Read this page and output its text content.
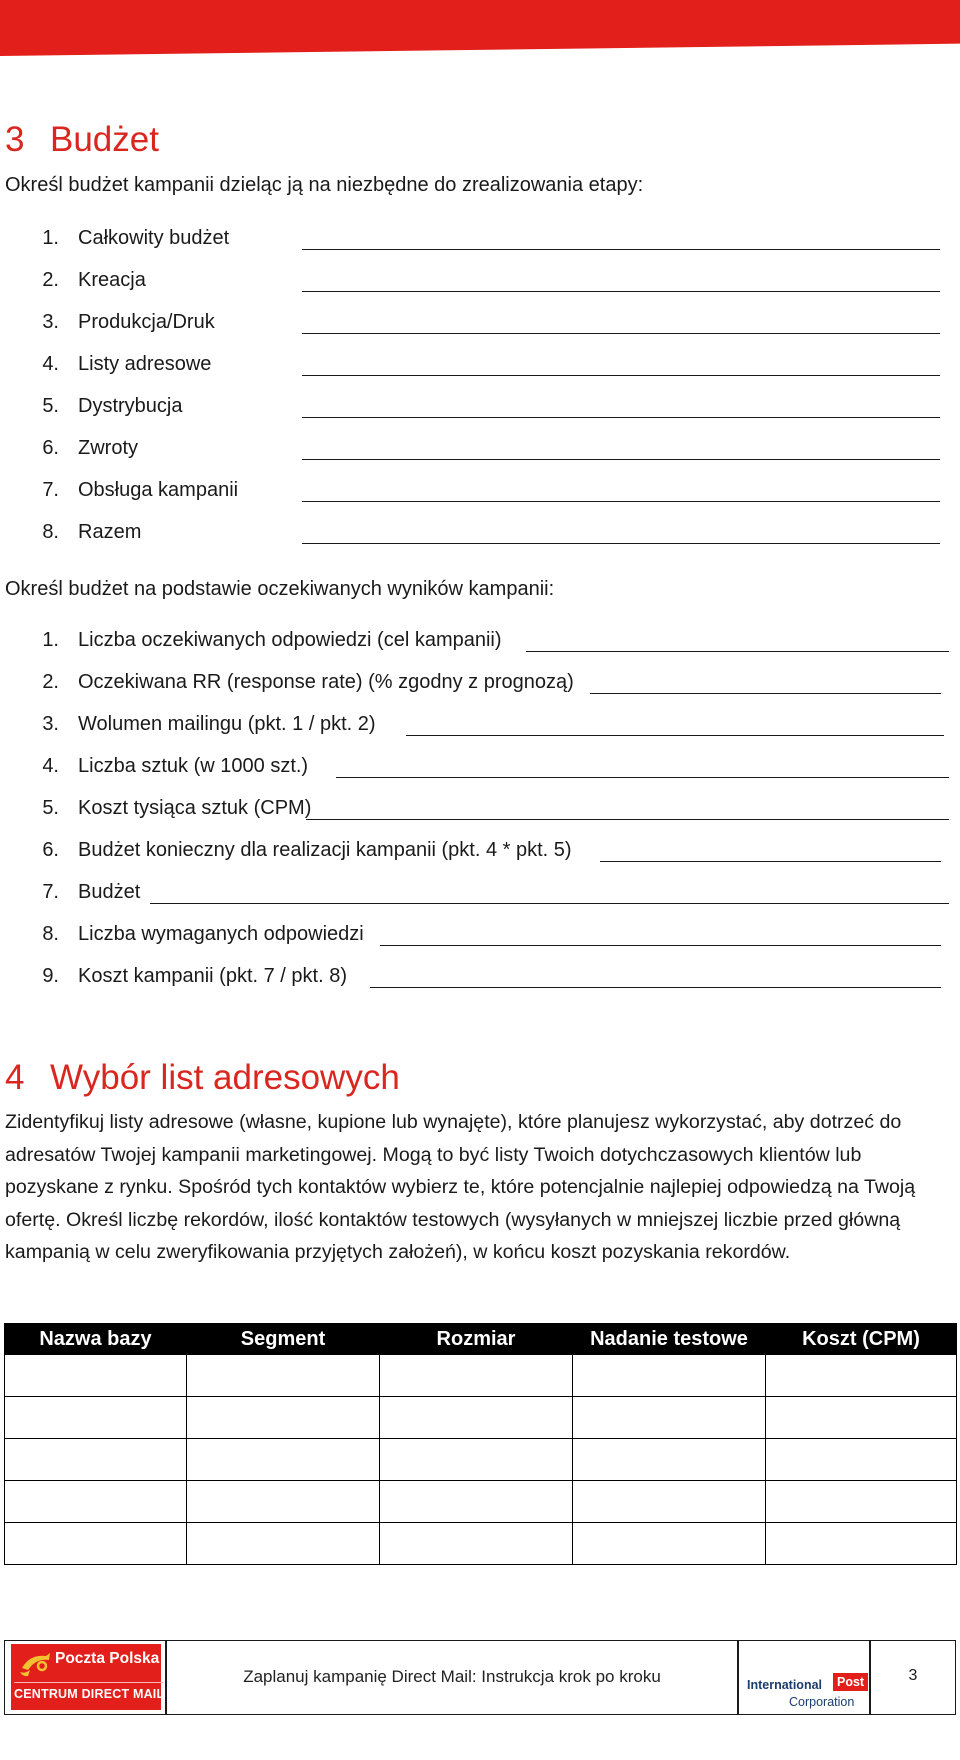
3 Budżet

Określ budżet kampanii dzieląc ją na niezbędne do zrealizowania etapy:

1. Całkowity budżet
2. Kreacja
3. Produkcja/Druk
4. Listy adresowe
5. Dystrybucja
6. Zwroty
7. Obsługa kampanii
8. Razem

Określ budżet na podstawie oczekiwanych wyników kampanii:

1. Liczba oczekiwanych odpowiedzi (cel kampanii)
2. Oczekiwana RR (response rate) (% zgodny z prognozą)
3. Wolumen mailingu (pkt. 1 / pkt. 2)
4. Liczba sztuk (w 1000 szt.)
5. Koszt tysiąca sztuk (CPM)
6. Budżet konieczny dla realizacji kampanii (pkt. 4 * pkt. 5)
7. Budżet
8. Liczba wymaganych odpowiedzi
9. Koszt kampanii (pkt. 7 / pkt. 8)
4 Wybór list adresowych

Zidentyfikuj listy adresowe (własne, kupione lub wynajęte), które planujesz wykorzystać, aby dotrzeć do adresatów Twojej kampanii marketingowej. Mogą to być listy Twoich dotychczasowych klientów lub pozyskane z rynku. Spośród tych kontaktów wybierz te, które potencjalnie najlepiej odpowiedzą na Twoją ofertę. Określ liczbę rekordów, ilość kontaktów testowych (wysyłanych w mniejszej liczbie przed główną kampanią w celu zweryfikowania przyjętych założeń), w końcu koszt pozyskania rekordów.

Nazwa bazy	Segment	Rozmiar	Nadanie testowe	Koszt (CPM)

Poczta Polska
CENTRUM DIRECT MAIL
Zaplanuj kampanię Direct Mail: Instrukcja krok po kroku	International	Post
Corporation
3
